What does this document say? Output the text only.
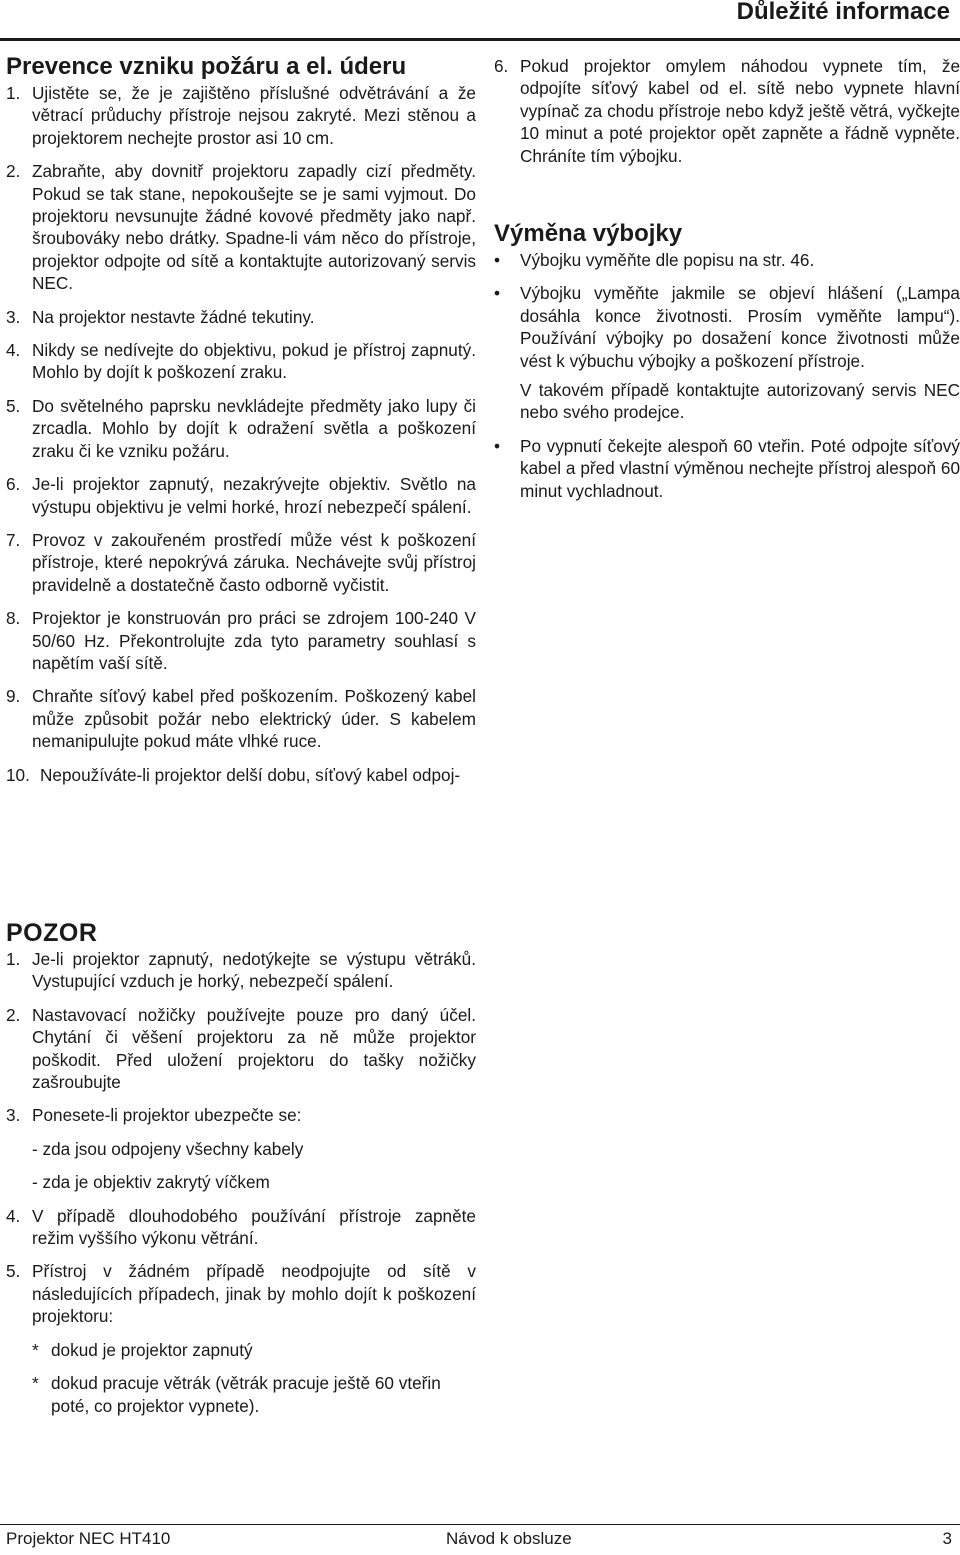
Důležité informace
Prevence vzniku požáru a el. úderu
1. Ujistěte se, že je zajištěno příslušné odvětrávání a že větrací průduchy přístroje nejsou zakryté. Mezi stěnou a projektorem nechejte prostor asi 10 cm.
2. Zabraňte, aby dovnitř projektoru zapadly cizí předměty. Pokud se tak stane, nepokoušejte se je sami vyjmout. Do projektoru nevsunujte žádné kovové předměty jako např. šroubováky nebo drátky. Spadne-li vám něco do přístroje, projektor odpojte od sítě a kontaktujte autorizovaný servis NEC.
3. Na projektor nestavte žádné tekutiny.
4. Nikdy se nedívejte do objektivu, pokud je přístroj zapnutý. Mohlo by dojít k poškození zraku.
5. Do světelného paprsku nevkládejte předměty jako lupy či zrcadla. Mohlo by dojít k odražení světla a poškození zraku či ke vzniku požáru.
6. Je-li projektor zapnutý, nezakrývejte objektiv. Světlo na výstupu objektivu je velmi horké, hrozí nebezpečí spálení.
7. Provoz v zakouřeném prostředí může vést k poškození přístroje, které nepokrývá záruka. Nechávejte svůj přístroj pravidelně a dostatečně často odborně vyčistit.
8. Projektor je konstruován pro práci se zdrojem 100-240 V 50/60 Hz. Překontrolujte zda tyto parametry souhlasí s napětím vaší sítě.
9. Chraňte síťový kabel před poškozením. Poškozený kabel může způsobit požár nebo elektrický úder. S kabelem nemanipulujte pokud máte vlhké ruce.
10. Nepoužíváte-li projektor delší dobu, síťový kabel odpoj-
6. Pokud projektor omylem náhodou vypnete tím, že odpojíte síťový kabel od el. sítě nebo vypnete hlavní vypínač za chodu přístroje nebo když ještě větrá, vyčkejte 10 minut a poté projektor opět zapněte a řádně vypněte. Chráníte tím výbojku.
Výměna výbojky
•	Výbojku vyměňte dle popisu na str. 46.
•	Výbojku vyměňte jakmile se objeví hlášení („Lampa dosáhla konce životnosti. Prosím vyměňte lampu“). Používání výbojky po dosažení konce životnosti může vést k výbuchu výbojky a poškození přístroje.
V takovém případě kontaktujte autorizovaný servis NEC nebo svého prodejce.
•	Po vypnutí čekejte alespoň 60 vteřin. Poté odpojte síťový kabel a před vlastní výměnou nechejte přístroj alespoň 60 minut vychladnout.
POZOR
1. Je-li projektor zapnutý, nedotýkejte se výstupu větráků. Vystupující vzduch je horký, nebezpečí spálení.
2. Nastavovací nožičky používejte pouze pro daný účel. Chytání či věšení projektoru za ně může projektor poškodit. Před uložení projektoru do tašky nožičky zašroubujte
3. Ponesete-li projektor ubezpečte se:
- zda jsou odpojeny všechny kabely
- zda je objektiv zakrytý víčkem
4. V případě dlouhodobého používání přístroje zapněte režim vyššího výkonu větrání.
5. Přístroj v žádném případě neodpojujte od sítě v následujících případech, jinak by mohlo dojít k poškození projektoru:
* dokud je projektor zapnutý
* dokud pracuje větrák (větrák pracuje ještě 60 vteřin poté, co projektor vypnete).
Projektor NEC HT410	Návod k obsluze	3
